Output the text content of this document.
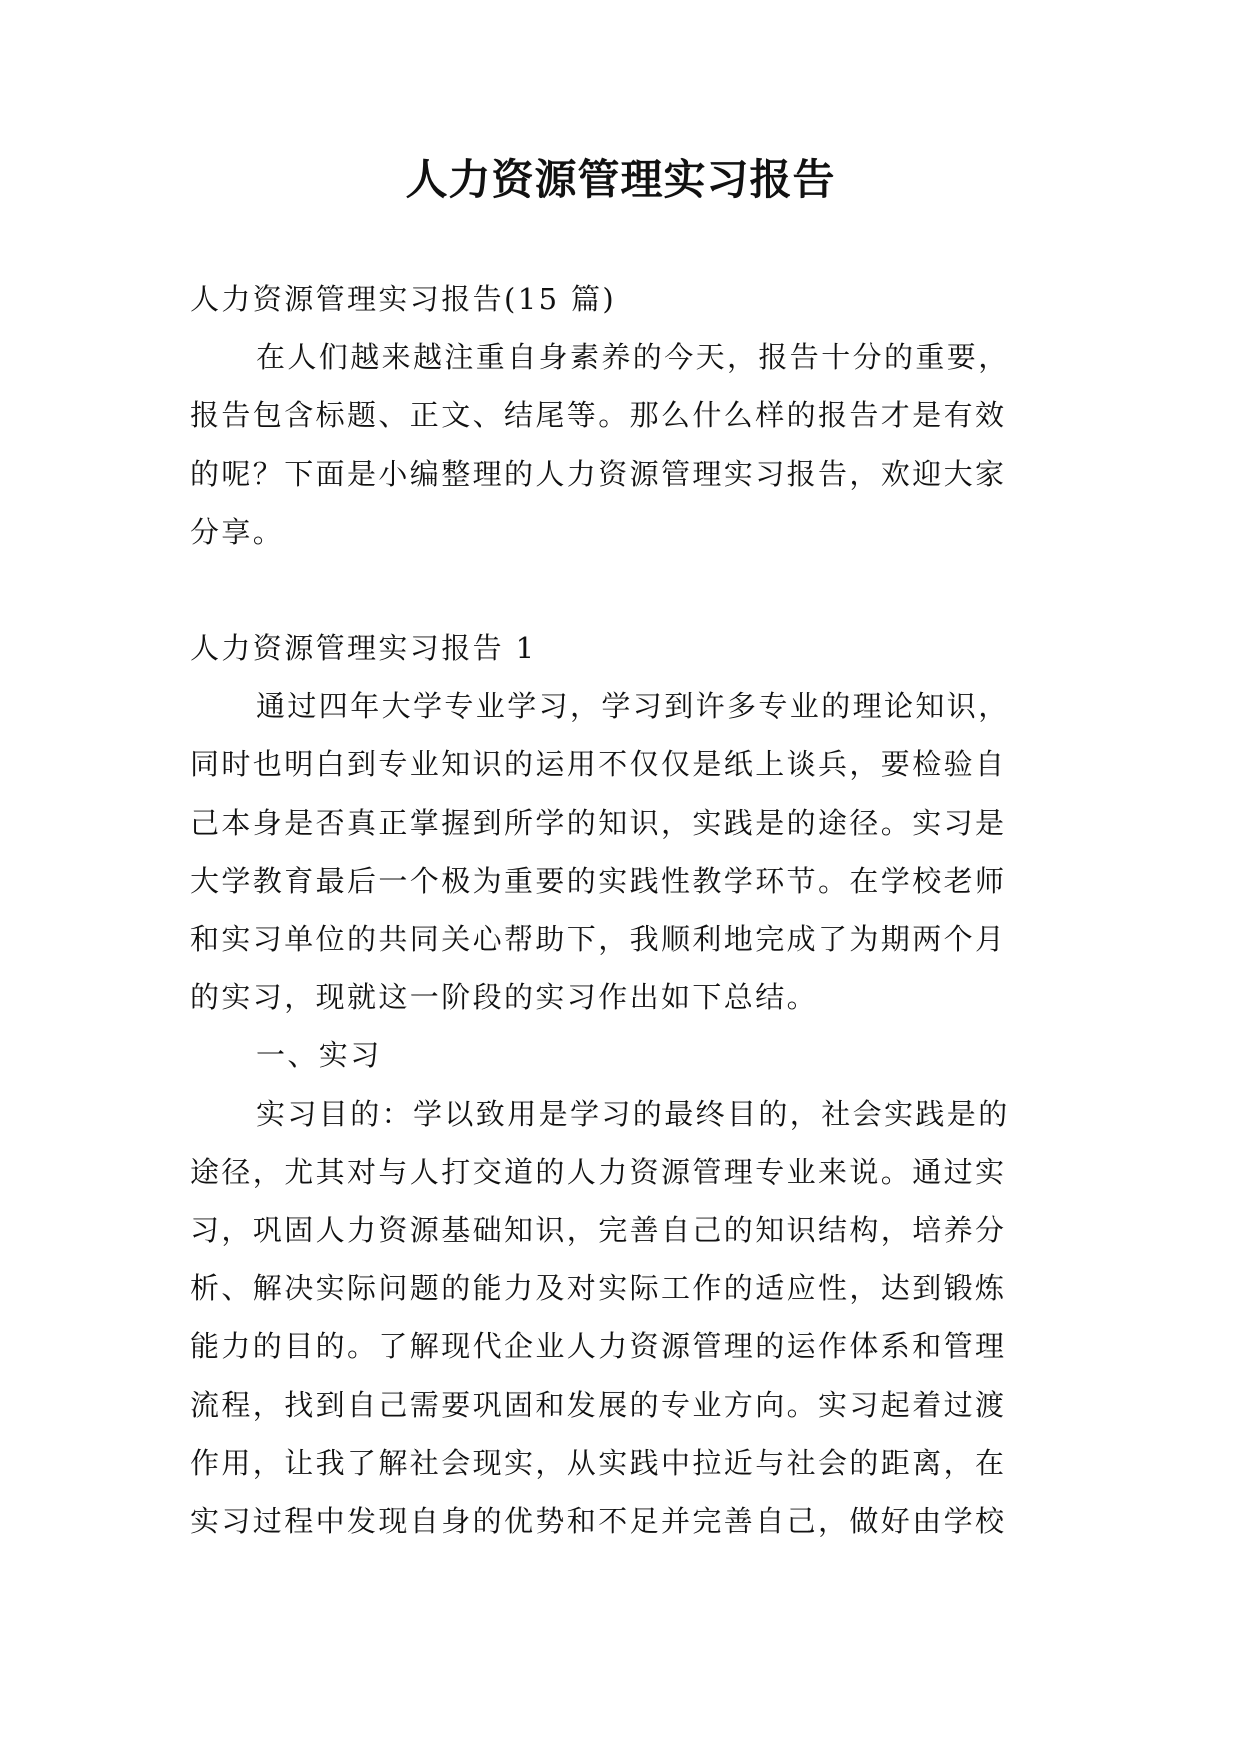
人力资源管理实习报告

人力资源管理实习报告(15 篇)

在人们越来越注重自身素养的今天，报告十分的重要，

报告包含标题、正文、结尾等。那么什么样的报告才是有效

的呢？下面是小编整理的人力资源管理实习报告，欢迎大家

分享。

人力资源管理实习报告 1

通过四年大学专业学习，学习到许多专业的理论知识，

同时也明白到专业知识的运用不仅仅是纸上谈兵，要检验自

己本身是否真正掌握到所学的知识，实践是的途径。实习是

大学教育最后一个极为重要的实践性教学环节。在学校老师

和实习单位的共同关心帮助下，我顺利地完成了为期两个月

的实习，现就这一阶段的实习作出如下总结。

一、实习

实习目的：学以致用是学习的最终目的，社会实践是的

途径，尤其对与人打交道的人力资源管理专业来说。通过实

习，巩固人力资源基础知识，完善自己的知识结构，培养分

析、解决实际问题的能力及对实际工作的适应性，达到锻炼

能力的目的。了解现代企业人力资源管理的运作体系和管理

流程，找到自己需要巩固和发展的专业方向。实习起着过渡

作用，让我了解社会现实，从实践中拉近与社会的距离，在

实习过程中发现自身的优势和不足并完善自己，做好由学校
